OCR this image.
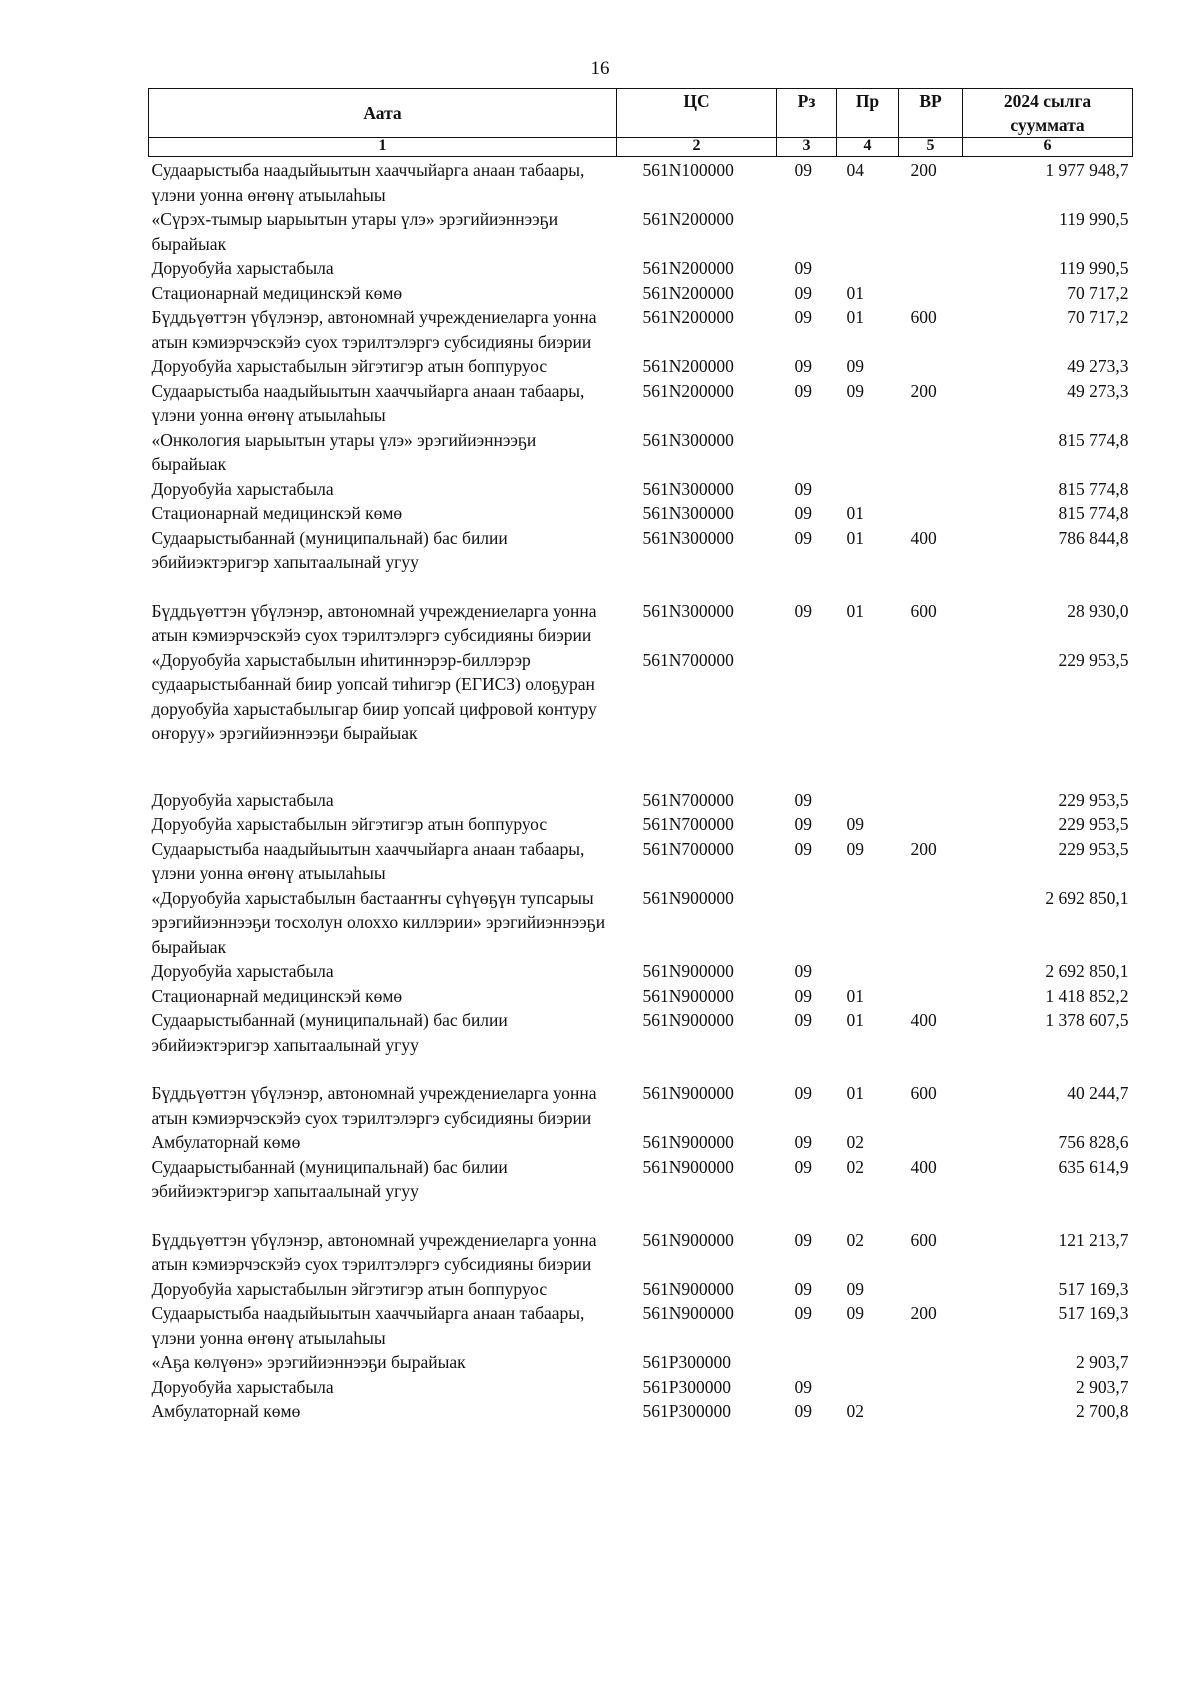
16
Аата	ЦС	Рз	Пр	ВР	2024 сылга суумматa
1	2	3	4	5	6
Судаарыстыба наадыйыытын хааччыйарга анаан табаары, үлэни уонна өҥөнү атыылаһыы	561N100000	09	04	200	1 977 948,7
«Сүрэх-тымыр ыарыытын утары үлэ» эрэгийиэннээҕи бырайыак	561N200000				119 990,5
Доруобуйа харыстабыла	561N200000	09			119 990,5
Стационарнай медицинскэй көмө	561N200000	09	01		70 717,2
Бүддьүөттэн үбүлэнэр, автономнай учреждениеларга уонна атын кэмиэрчэскэйэ суох тэрилтэлэргэ субсидияны биэрии	561N200000	09	01	600	70 717,2
Доруобуйа харыстабылын эйгэтигэр атын боппуруос	561N200000	09	09		49 273,3
Судаарыстыба наадыйыытын хааччыйарга анаан табаары, үлэни уонна өҥөнү атыылаһыы	561N200000	09	09	200	49 273,3
«Онкология ыарыытын утары үлэ» эрэгийиэннээҕи бырайыак	561N300000				815 774,8
Доруобуйа харыстабыла	561N300000	09			815 774,8
Стационарнай медицинскэй көмө	561N300000	09	01		815 774,8
Судаарыстыбаннай (муниципальнай) бас билии эбийиэктэригэр хапытаалынай угуу	561N300000	09	01	400	786 844,8
Бүддьүөттэн үбүлэнэр, автономнай учреждениеларга уонна атын кэмиэрчэскэйэ суох тэрилтэлэргэ субсидияны биэрии	561N300000	09	01	600	28 930,0
«Доруобуйа харыстабылын иһитиннэрэр-биллэрэр судаарыстыбаннай биир уопсай тиһигэр (ЕГИСЗ) олоҕуран доруобуйа харыстабылыгар биир уопсай цифровой контуру оҥоруу» эрэгийиэннээҕи бырайыак	561N700000				229 953,5
Доруобуйа харыстабыла	561N700000	09			229 953,5
Доруобуйа харыстабылын эйгэтигэр атын боппуруос	561N700000	09	09		229 953,5
Судаарыстыба наадыйыытын хааччыйарга анаан табаары, үлэни уонна өҥөнү атыылаһыы	561N700000	09	09	200	229 953,5
«Доруобуйа харыстабылын бастааҥҥы сүһүөҕүн тупсарыы эрэгийиэннээҕи тосхолун олоххо киллэрии» эрэгийиэннээҕи бырайыак	561N900000				2 692 850,1
Доруобуйа харыстабыла	561N900000	09			2 692 850,1
Стационарнай медицинскэй көмө	561N900000	09	01		1 418 852,2
Судаарыстыбаннай (муниципальнай) бас билии эбийиэктэригэр хапытаалынай угуу	561N900000	09	01	400	1 378 607,5
Бүддьүөттэн үбүлэнэр, автономнай учреждениеларга уонна атын кэмиэрчэскэйэ суох тэрилтэлэргэ субсидияны биэрии	561N900000	09	01	600	40 244,7
Амбулаторнай көмө	561N900000	09	02		756 828,6
Судаарыстыбаннай (муниципальнай) бас билии эбийиэктэригэр хапытаалынай угуу	561N900000	09	02	400	635 614,9
Бүддьүөттэн үбүлэнэр, автономнай учреждениеларга уонна атын кэмиэрчэскэйэ суох тэрилтэлэргэ субсидияны биэрии	561N900000	09	02	600	121 213,7
Доруобуйа харыстабылын эйгэтигэр атын боппуруос	561N900000	09	09		517 169,3
Судаарыстыба наадыйыытын хааччыйарга анаан табаары, үлэни уонна өҥөнү атыылаһыы	561N900000	09	09	200	517 169,3
«Аҕа көлүөнэ» эрэгийиэннээҕи бырайыак	561P300000				2 903,7
Доруобуйа харыстабыла	561P300000	09			2 903,7
Амбулаторнай көмө	561P300000	09	02		2 700,8
